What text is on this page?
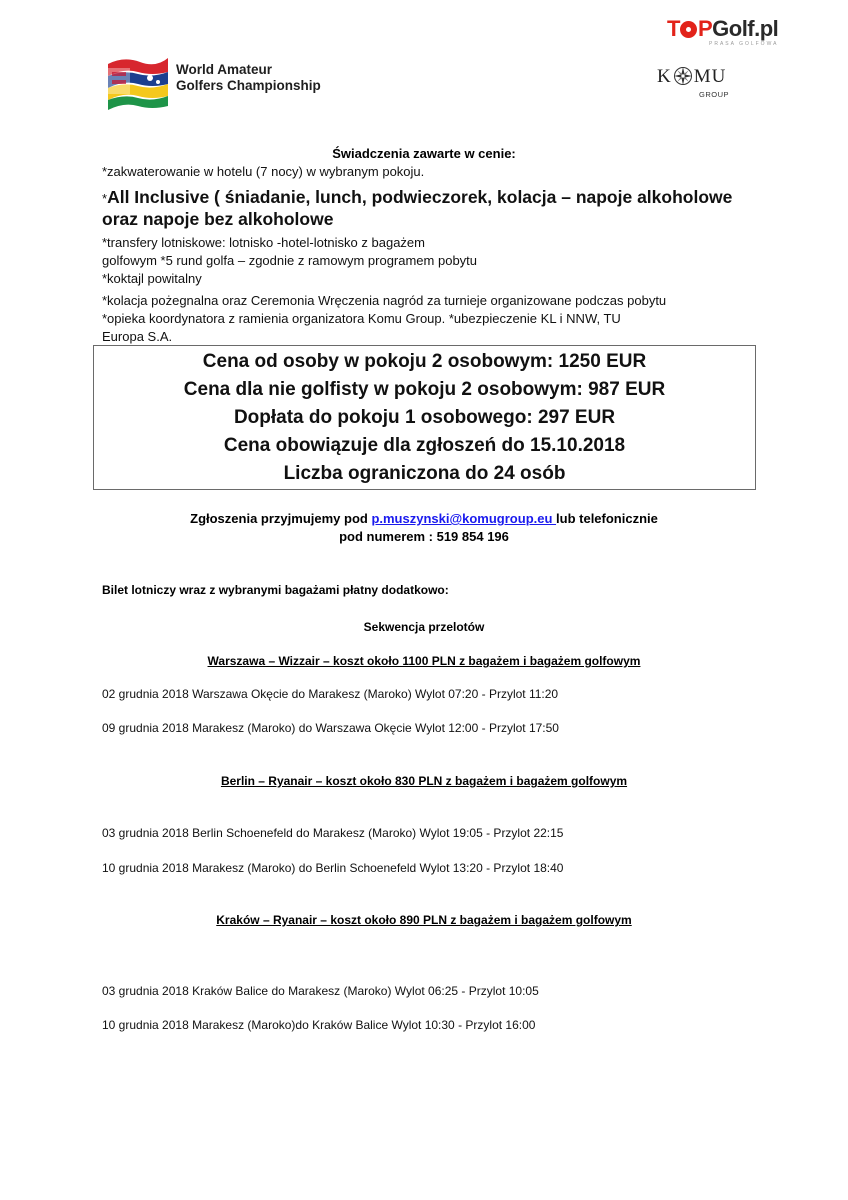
World Amateur
Golfers Championship
T PGolf.pl
PRASA GOLFOWA
K MU
GROUP
Świadczenia zawarte w cenie:
*zakwaterowanie w hotelu (7 nocy) w wybranym pokoju.
*All Inclusive ( śniadanie, lunch, podwieczorek, kolacja – napoje alkoholowe
oraz napoje bez alkoholowe
*transfery lotniskowe: lotnisko -hotel-lotnisko z bagażem
golfowym *5 rund golfa – zgodnie z ramowym programem pobytu
*koktajl powitalny
*kolacja pożegnalna oraz Ceremonia Wręczenia nagród za turnieje organizowane podczas pobytu
*opieka koordynatora z ramienia organizatora Komu Group. *ubezpieczenie KL i NNW, TU
Europa S.A.
Cena od osoby w pokoju 2 osobowym: 1250 EUR
Cena dla nie golfisty w pokoju 2 osobowym: 987 EUR
Dopłata do pokoju 1 osobowego: 297 EUR
Cena obowiązuje dla zgłoszeń do 15.10.2018
Liczba ograniczona do 24 osób
Zgłoszenia przyjmujemy pod p.muszynski@komugroup.eu lub telefonicznie
pod numerem : 519 854 196
Bilet lotniczy wraz z wybranymi bagażami płatny dodatkowo:
Sekwencja przelotów
Warszawa – Wizzair – koszt około 1100 PLN z bagażem i bagażem golfowym
02 grudnia 2018 Warszawa Okęcie do Marakesz (Maroko) Wylot 07:20 - Przylot 11:20
09 grudnia 2018 Marakesz (Maroko) do Warszawa Okęcie Wylot 12:00 - Przylot 17:50
Berlin – Ryanair – koszt około 830 PLN z bagażem i bagażem golfowym
03 grudnia 2018 Berlin Schoenefeld do Marakesz (Maroko) Wylot 19:05 - Przylot 22:15
10 grudnia 2018 Marakesz (Maroko) do Berlin Schoenefeld Wylot 13:20 - Przylot 18:40
Kraków – Ryanair – koszt około 890 PLN z bagażem i bagażem golfowym
03 grudnia 2018 Kraków Balice do Marakesz (Maroko) Wylot 06:25 - Przylot 10:05
10 grudnia 2018 Marakesz (Maroko)do Kraków Balice Wylot 10:30 - Przylot 16:00
